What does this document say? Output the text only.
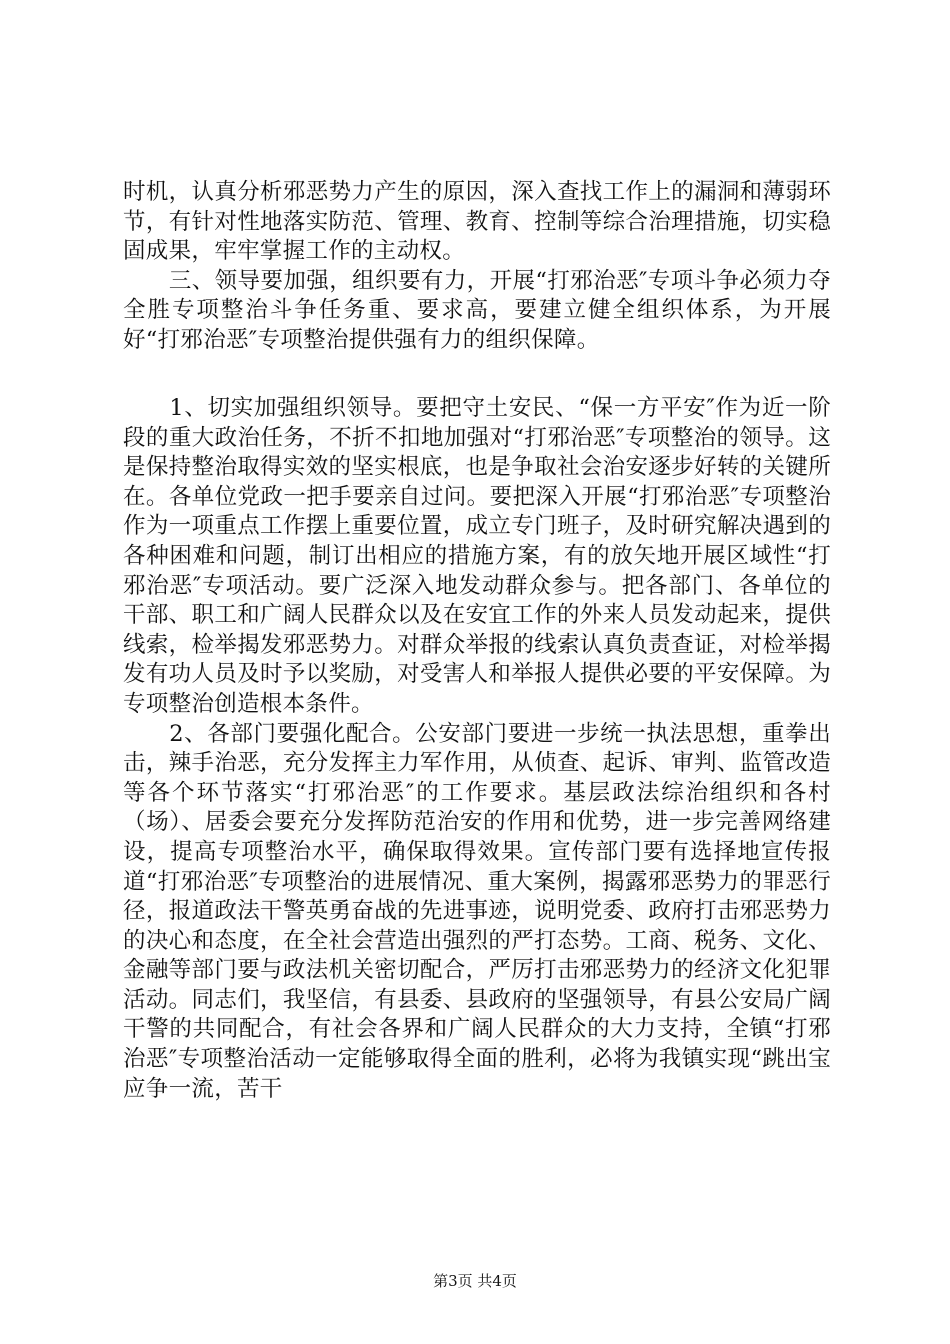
时机，认真分析邪恶势力产生的原因，深入查找工作上的漏洞和薄弱环节，有针对性地落实防范、管理、教育、控制等综合治理措施，切实稳固成果，牢牢掌握工作的主动权。

　　三、领导要加强，组织要有力，开展“打邪治恶″专项斗争必须力夺全胜专项整治斗争任务重、要求高，要建立健全组织体系，为开展好“打邪治恶″专项整治提供强有力的组织保障。

　　1、切实加强组织领导。要把守土安民、“保一方平安″作为近一阶段的重大政治任务，不折不扣地加强对“打邪治恶″专项整治的领导。这是保持整治取得实效的坚实根底，也是争取社会治安逐步好转的关键所在。各单位党政一把手要亲自过问。要把深入开展“打邪治恶″专项整治作为一项重点工作摆上重要位置，成立专门班子，及时研究解决遇到的各种困难和问题，制订出相应的措施方案，有的放矢地开展区域性“打邪治恶″专项活动。要广泛深入地发动群众参与。把各部门、各单位的干部、职工和广阔人民群众以及在安宜工作的外来人员发动起来，提供线索，检举揭发邪恶势力。对群众举报的线索认真负责查证，对检举揭发有功人员及时予以奖励，对受害人和举报人提供必要的平安保障。为专项整治创造根本条件。

　　2、各部门要强化配合。公安部门要进一步统一执法思想，重拳出击，辣手治恶，充分发挥主力军作用，从侦查、起诉、审判、监管改造等各个环节落实“打邪治恶″的工作要求。基层政法综治组织和各村（场）、居委会要充分发挥防范治安的作用和优势，进一步完善网络建设，提高专项整治水平，确保取得效果。宣传部门要有选择地宣传报道“打邪治恶″专项整治的进展情况、重大案例，揭露邪恶势力的罪恶行径，报道政法干警英勇奋战的先进事迹，说明党委、政府打击邪恶势力的决心和态度，在全社会营造出强烈的严打态势。工商、税务、文化、金融等部门要与政法机关密切配合，严厉打击邪恶势力的经济文化犯罪活动。同志们，我坚信，有县委、县政府的坚强领导，有县公安局广阔干警的共同配合，有社会各界和广阔人民群众的大力支持，全镇“打邪治恶″专项整治活动一定能够取得全面的胜利，必将为我镇实现“跳出宝应争一流，苦干

第3页 共4页
